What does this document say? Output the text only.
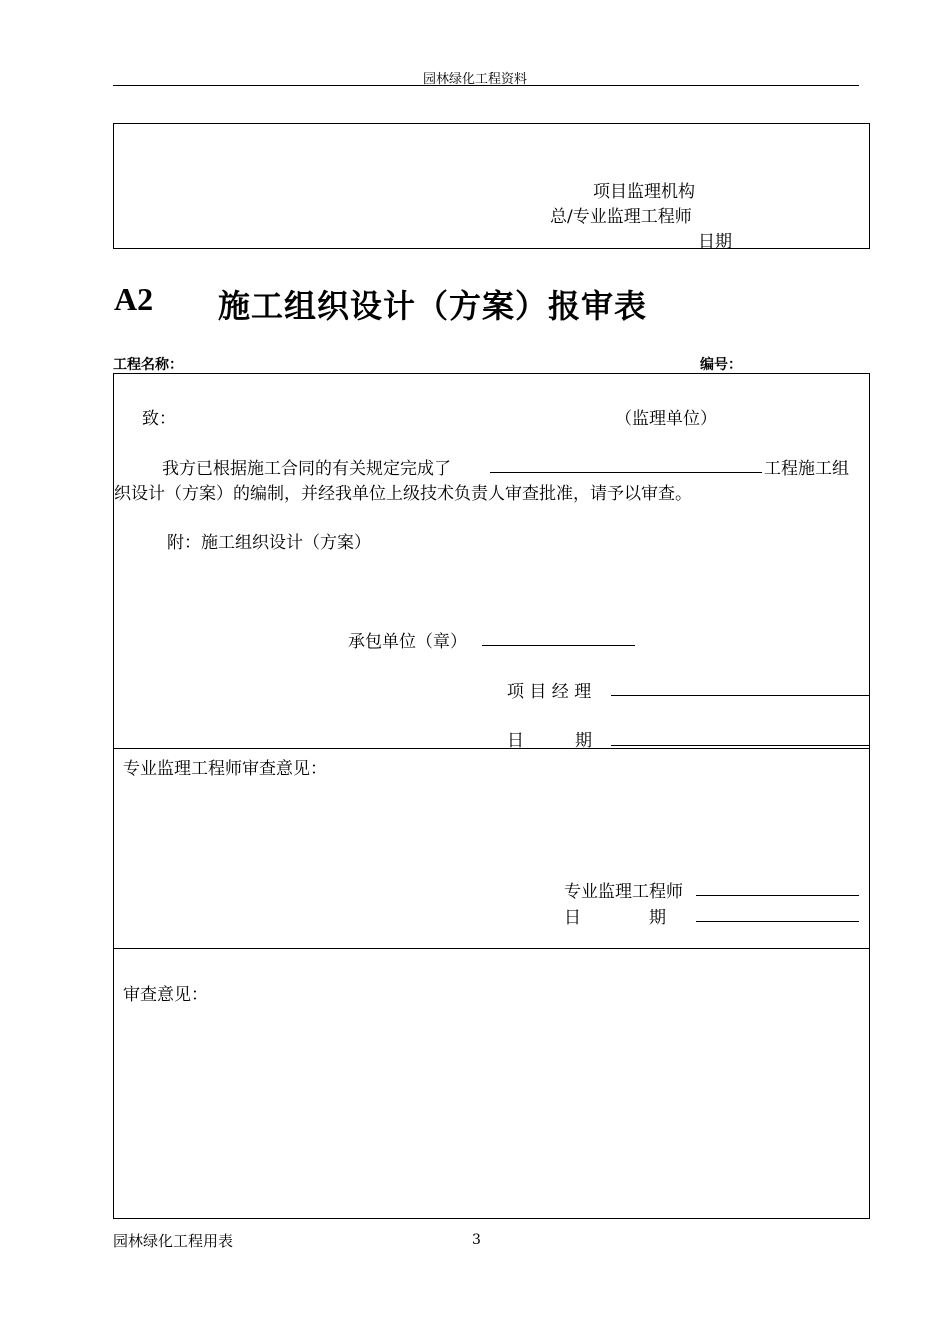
园林绿化工程资料
项目监理机构
总/专业监理工程师
日期
A2 施工组织设计（方案）报审表
工程名称：	编号：
致：	（监理单位）
我方已根据施工合同的有关规定完成了	工程施工组
织设计（方案）的编制，并经我单位上级技术负责人审查批准，请予以审查。
附：施工组织设计（方案）
承包单位（章）
项 目 经 理
日　　　期
专业监理工程师审查意见：
专业监理工程师
日　　　　期
审查意见：
园林绿化工程用表	3
